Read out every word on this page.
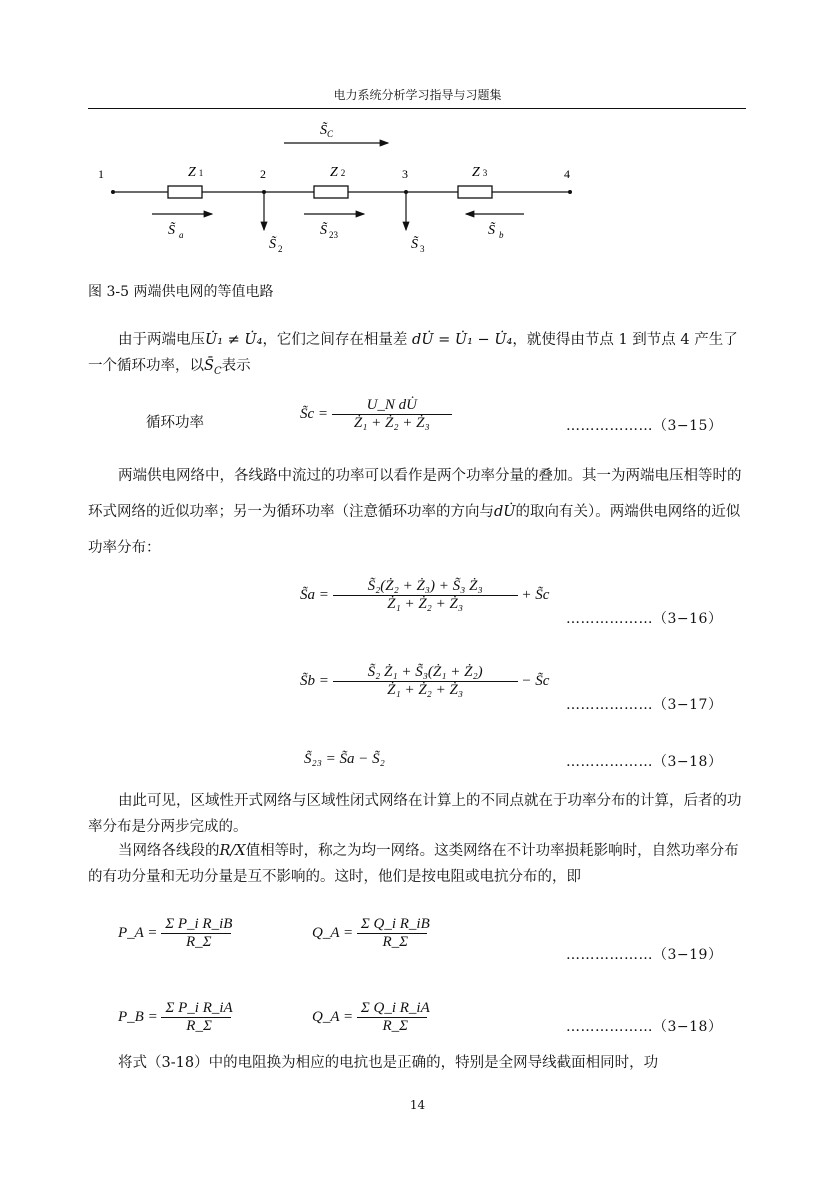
电力系统分析学习指导与习题集
1	2	3	4
Z 1	Z 2	Z 3
$S̃_C$
S̃ $_a$
S̃ $_2$
S̃ $_{23}$
S̃ $_3$
S̃ $_b$
图 3-5 两端供电网的等值电路
由于两端电压U̇₁ ≠ U̇₄，它们之间存在相量差 dU̇ = U̇₁ − U̇₄，就使得由节点 1 到节点 4 产生了一个循环功率，以$S̄_C$表示
循环功率
S̃c = $\frac{\text{U\_N dU̇}}{\text{Ż₁ + Ż₂ + Ż₃}}$	………………（3−15）
两端供电网络中，各线路中流过的功率可以看作是两个功率分量的叠加。其一为两端电压相等时的环式网络的近似功率；另一为循环功率（注意循环功率的方向与dU̇的取向有关）。两端供电网络的近似功率分布：
S̃a = $\frac{\text{S̃₂(Ż₂ + Ż₃) + S̃₃ Ż₃}}{\text{Ż₁ + Ż₂ + Ż₃}}$ + S̃c
………………（3−16）
S̃b = $\frac{\text{S̃₂ Ż₁ + S̃₃(Ż₁ + Ż₂)}}{\text{Ż₁ + Ż₂ + Ż₃}}$ − S̃c
………………（3−17）
S̃₂₃ = S̃a − S̃₂	………………（3−18）
由此可见，区域性开式网络与区域性闭式网络在计算上的不同点就在于功率分布的计算，后者的功率分布是分两步完成的。
当网络各线段的R/X值相等时，称之为均一网络。这类网络在不计功率损耗影响时，自然功率分布的有功分量和无功分量是互不影响的。这时，他们是按电阻或电抗分布的，即
P_A = $\frac{\text{Σ P\_i R\_iB}}{R\_\Sigma}$	Q_A = $\frac{\text{Σ Q\_i R\_iB}}{R\_\Sigma}$
………………（3−19）
P_B = $\frac{\text{Σ P\_i R\_iA}}{R\_\Sigma}$	Q_A = $\frac{\text{Σ Q\_i R\_iA}}{R\_\Sigma}$	………………（3−18）
将式（3-18）中的电阻换为相应的电抗也是正确的，特别是全网导线截面相同时，功
14
